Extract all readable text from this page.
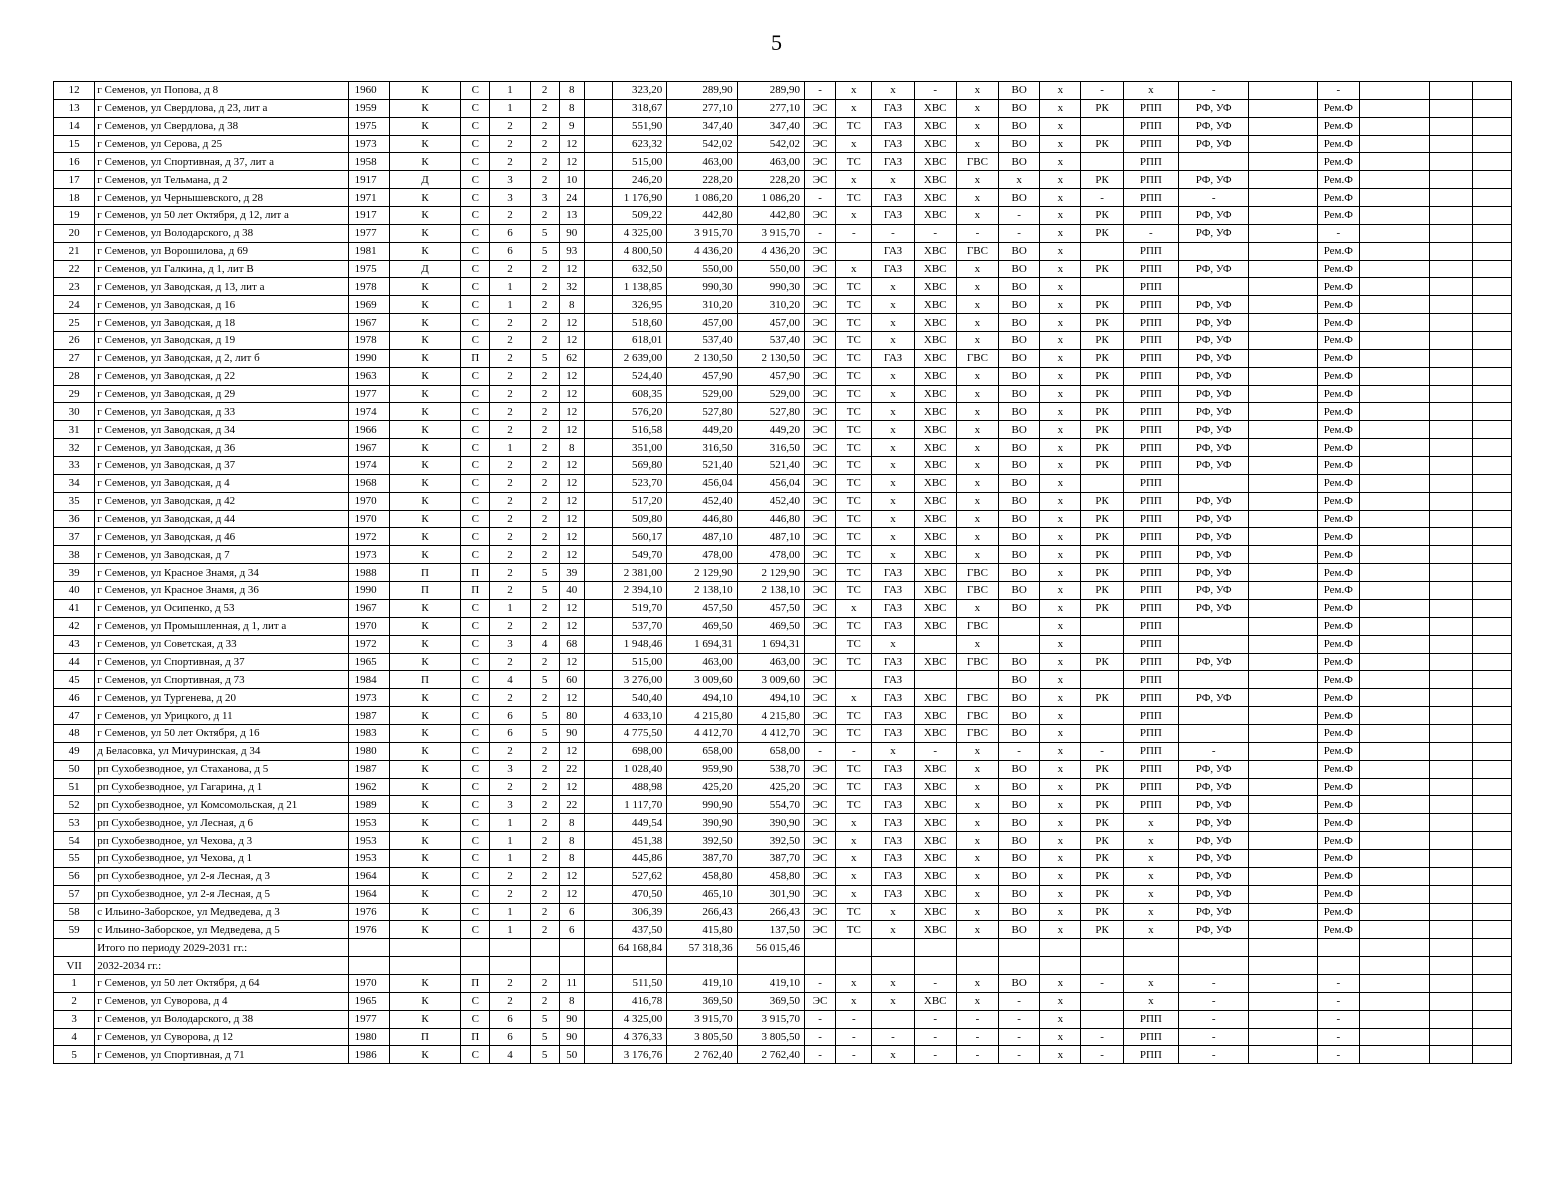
5
12	г Семенов, ул Попова, д 8	1960	К	С	1	2	8		323,20	289,90	289,90	-	х	х	-	х	ВО	х	-	х	-		-			
13	г Семенов, ул Свердлова, д 23, лит а	1959	К	С	1	2	8		318,67	277,10	277,10	ЭС	х	ГАЗ	ХВС	х	ВО	х	РК	РПП	РФ, УФ		Рем.Ф			
14	г Семенов, ул Свердлова, д 38	1975	К	С	2	2	9		551,90	347,40	347,40	ЭС	ТС	ГАЗ	ХВС	х	ВО	х		РПП	РФ, УФ		Рем.Ф			
15	г Семенов, ул Серова, д 25	1973	К	С	2	2	12		623,32	542,02	542,02	ЭС	х	ГАЗ	ХВС	х	ВО	х	РК	РПП	РФ, УФ		Рем.Ф			
16	г Семенов, ул Спортивная, д 37, лит а	1958	К	С	2	2	12		515,00	463,00	463,00	ЭС	ТС	ГАЗ	ХВС	ГВС	ВО	х		РПП			Рем.Ф			
17	г Семенов, ул Тельмана, д 2	1917	Д	С	3	2	10		246,20	228,20	228,20	ЭС	х	х	ХВС	х	х	х	РК	РПП	РФ, УФ		Рем.Ф			
18	г Семенов, ул Чернышевского, д 28	1971	К	С	3	3	24		1 176,90	1 086,20	1 086,20	-	ТС	ГАЗ	ХВС	х	ВО	х	-	РПП	-		Рем.Ф			
19	г Семенов, ул 50 лет Октября, д 12, лит а	1917	К	С	2	2	13		509,22	442,80	442,80	ЭС	х	ГАЗ	ХВС	х	-	х	РК	РПП	РФ, УФ		Рем.Ф			
20	г Семенов, ул Володарского, д 38	1977	К	С	6	5	90		4 325,00	3 915,70	3 915,70	-	-	-	-	-	-	х	РК	-	РФ, УФ		-			
21	г Семенов, ул Ворошилова, д 69	1981	К	С	6	5	93		4 800,50	4 436,20	4 436,20	ЭС		ГАЗ	ХВС	ГВС	ВО	х		РПП			Рем.Ф			
22	г Семенов, ул Галкина, д 1, лит В	1975	Д	С	2	2	12		632,50	550,00	550,00	ЭС	х	ГАЗ	ХВС	х	ВО	х	РК	РПП	РФ, УФ		Рем.Ф			
23	г Семенов, ул Заводская, д 13, лит а	1978	К	С	1	2	32		1 138,85	990,30	990,30	ЭС	ТС	х	ХВС	х	ВО	х		РПП			Рем.Ф			
24	г Семенов, ул Заводская, д 16	1969	К	С	1	2	8		326,95	310,20	310,20	ЭС	ТС	х	ХВС	х	ВО	х	РК	РПП	РФ, УФ		Рем.Ф			
25	г Семенов, ул Заводская, д 18	1967	К	С	2	2	12		518,60	457,00	457,00	ЭС	ТС	х	ХВС	х	ВО	х	РК	РПП	РФ, УФ		Рем.Ф			
26	г Семенов, ул Заводская, д 19	1978	К	С	2	2	12		618,01	537,40	537,40	ЭС	ТС	х	ХВС	х	ВО	х	РК	РПП	РФ, УФ		Рем.Ф			
27	г Семенов, ул Заводская, д 2, лит б	1990	К	П	2	5	62		2 639,00	2 130,50	2 130,50	ЭС	ТС	ГАЗ	ХВС	ГВС	ВО	х	РК	РПП	РФ, УФ		Рем.Ф			
28	г Семенов, ул Заводская, д 22	1963	К	С	2	2	12		524,40	457,90	457,90	ЭС	ТС	х	ХВС	х	ВО	х	РК	РПП	РФ, УФ		Рем.Ф			
29	г Семенов, ул Заводская, д 29	1977	К	С	2	2	12		608,35	529,00	529,00	ЭС	ТС	х	ХВС	х	ВО	х	РК	РПП	РФ, УФ		Рем.Ф			
30	г Семенов, ул Заводская, д 33	1974	К	С	2	2	12		576,20	527,80	527,80	ЭС	ТС	х	ХВС	х	ВО	х	РК	РПП	РФ, УФ		Рем.Ф			
31	г Семенов, ул Заводская, д 34	1966	К	С	2	2	12		516,58	449,20	449,20	ЭС	ТС	х	ХВС	х	ВО	х	РК	РПП	РФ, УФ		Рем.Ф			
32	г Семенов, ул Заводская, д 36	1967	К	С	1	2	8		351,00	316,50	316,50	ЭС	ТС	х	ХВС	х	ВО	х	РК	РПП	РФ, УФ		Рем.Ф			
33	г Семенов, ул Заводская, д 37	1974	К	С	2	2	12		569,80	521,40	521,40	ЭС	ТС	х	ХВС	х	ВО	х	РК	РПП	РФ, УФ		Рем.Ф			
34	г Семенов, ул Заводская, д 4	1968	К	С	2	2	12		523,70	456,04	456,04	ЭС	ТС	х	ХВС	х	ВО	х		РПП			Рем.Ф			
35	г Семенов, ул Заводская, д 42	1970	К	С	2	2	12		517,20	452,40	452,40	ЭС	ТС	х	ХВС	х	ВО	х	РК	РПП	РФ, УФ		Рем.Ф			
36	г Семенов, ул Заводская, д 44	1970	К	С	2	2	12		509,80	446,80	446,80	ЭС	ТС	х	ХВС	х	ВО	х	РК	РПП	РФ, УФ		Рем.Ф			
37	г Семенов, ул Заводская, д 46	1972	К	С	2	2	12		560,17	487,10	487,10	ЭС	ТС	х	ХВС	х	ВО	х	РК	РПП	РФ, УФ		Рем.Ф			
38	г Семенов, ул Заводская, д 7	1973	К	С	2	2	12		549,70	478,00	478,00	ЭС	ТС	х	ХВС	х	ВО	х	РК	РПП	РФ, УФ		Рем.Ф			
39	г Семенов, ул Красное Знамя, д 34	1988	П	П	2	5	39		2 381,00	2 129,90	2 129,90	ЭС	ТС	ГАЗ	ХВС	ГВС	ВО	х	РК	РПП	РФ, УФ		Рем.Ф			
40	г Семенов, ул Красное Знамя, д 36	1990	П	П	2	5	40		2 394,10	2 138,10	2 138,10	ЭС	ТС	ГАЗ	ХВС	ГВС	ВО	х	РК	РПП	РФ, УФ		Рем.Ф			
41	г Семенов, ул Осипенко, д 53	1967	К	С	1	2	12		519,70	457,50	457,50	ЭС	х	ГАЗ	ХВС	х	ВО	х	РК	РПП	РФ, УФ		Рем.Ф			
42	г Семенов, ул Промышленная, д 1, лит а	1970	К	С	2	2	12		537,70	469,50	469,50	ЭС	ТС	ГАЗ	ХВС	ГВС		х		РПП			Рем.Ф			
43	г Семенов, ул Советская, д 33	1972	К	С	3	4	68		1 948,46	1 694,31	1 694,31		ТС	х		х		х		РПП			Рем.Ф			
44	г Семенов, ул Спортивная, д 37	1965	К	С	2	2	12		515,00	463,00	463,00	ЭС	ТС	ГАЗ	ХВС	ГВС	ВО	х	РК	РПП	РФ, УФ		Рем.Ф			
45	г Семенов, ул Спортивная, д 73	1984	П	С	4	5	60		3 276,00	3 009,60	3 009,60	ЭС		ГАЗ			ВО	х		РПП			Рем.Ф			
46	г Семенов, ул Тургенева, д 20	1973	К	С	2	2	12		540,40	494,10	494,10	ЭС	х	ГАЗ	ХВС	ГВС	ВО	х	РК	РПП	РФ, УФ		Рем.Ф			
47	г Семенов, ул Урицкого, д 11	1987	К	С	6	5	80		4 633,10	4 215,80	4 215,80	ЭС	ТС	ГАЗ	ХВС	ГВС	ВО	х		РПП			Рем.Ф			
48	г Семенов, ул 50 лет Октября, д 16	1983	К	С	6	5	90		4 775,50	4 412,70	4 412,70	ЭС	ТС	ГАЗ	ХВС	ГВС	ВО	х		РПП			Рем.Ф			
49	д Беласовка, ул Мичуринская, д 34	1980	К	С	2	2	12		698,00	658,00	658,00	-	-	х	-	х	-	х	-	РПП	-		Рем.Ф			
50	рп Сухобезводное, ул Стаханова, д 5	1987	К	С	3	2	22		1 028,40	959,90	538,70	ЭС	ТС	ГАЗ	ХВС	х	ВО	х	РК	РПП	РФ, УФ		Рем.Ф			
51	рп Сухобезводное, ул Гагарина, д 1	1962	К	С	2	2	12		488,98	425,20	425,20	ЭС	ТС	ГАЗ	ХВС	х	ВО	х	РК	РПП	РФ, УФ		Рем.Ф			
52	рп Сухобезводное, ул Комсомольская, д 21	1989	К	С	3	2	22		1 117,70	990,90	554,70	ЭС	ТС	ГАЗ	ХВС	х	ВО	х	РК	РПП	РФ, УФ		Рем.Ф			
53	рп Сухобезводное, ул Лесная, д 6	1953	К	С	1	2	8		449,54	390,90	390,90	ЭС	х	ГАЗ	ХВС	х	ВО	х	РК	х	РФ, УФ		Рем.Ф			
54	рп Сухобезводное, ул Чехова, д 3	1953	К	С	1	2	8		451,38	392,50	392,50	ЭС	х	ГАЗ	ХВС	х	ВО	х	РК	х	РФ, УФ		Рем.Ф			
55	рп Сухобезводное, ул Чехова, д 1	1953	К	С	1	2	8		445,86	387,70	387,70	ЭС	х	ГАЗ	ХВС	х	ВО	х	РК	х	РФ, УФ		Рем.Ф			
56	рп Сухобезводное, ул 2-я Лесная, д 3	1964	К	С	2	2	12		527,62	458,80	458,80	ЭС	х	ГАЗ	ХВС	х	ВО	х	РК	х	РФ, УФ		Рем.Ф			
57	рп Сухобезводное, ул 2-я Лесная, д 5	1964	К	С	2	2	12		470,50	465,10	301,90	ЭС	х	ГАЗ	ХВС	х	ВО	х	РК	х	РФ, УФ		Рем.Ф			
58	с Ильино-Заборское, ул Медведева, д 3	1976	К	С	1	2	6		306,39	266,43	266,43	ЭС	ТС	х	ХВС	х	ВО	х	РК	х	РФ, УФ		Рем.Ф			
59	с Ильино-Заборское, ул Медведева, д 5	1976	К	С	1	2	6		437,50	415,80	137,50	ЭС	ТС	х	ХВС	х	ВО	х	РК	х	РФ, УФ		Рем.Ф			
	Итого по периоду 2029-2031 гг.:								64 168,84	57 318,36	56 015,46															
VII	2032-2034 гг.:																									
1	г Семенов, ул 50 лет Октября, д 64	1970	К	П	2	2	11		511,50	419,10	419,10	-	х	х	-	х	ВО	х	-	х	-		-			
2	г Семенов, ул Суворова, д 4	1965	К	С	2	2	8		416,78	369,50	369,50	ЭС	х	х	ХВС	х	-	х		х	-		-			
3	г Семенов, ул Володарского, д 38	1977	К	С	6	5	90		4 325,00	3 915,70	3 915,70	-	-		-	-	-	х		РПП	-		-			
4	г Семенов, ул Суворова, д 12	1980	П	П	6	5	90		4 376,33	3 805,50	3 805,50	-	-	-	-	-	-	х	-	РПП	-		-			
5	г Семенов, ул Спортивная, д 71	1986	К	С	4	5	50		3 176,76	2 762,40	2 762,40	-	-	х	-	-	-	х	-	РПП	-		-			
